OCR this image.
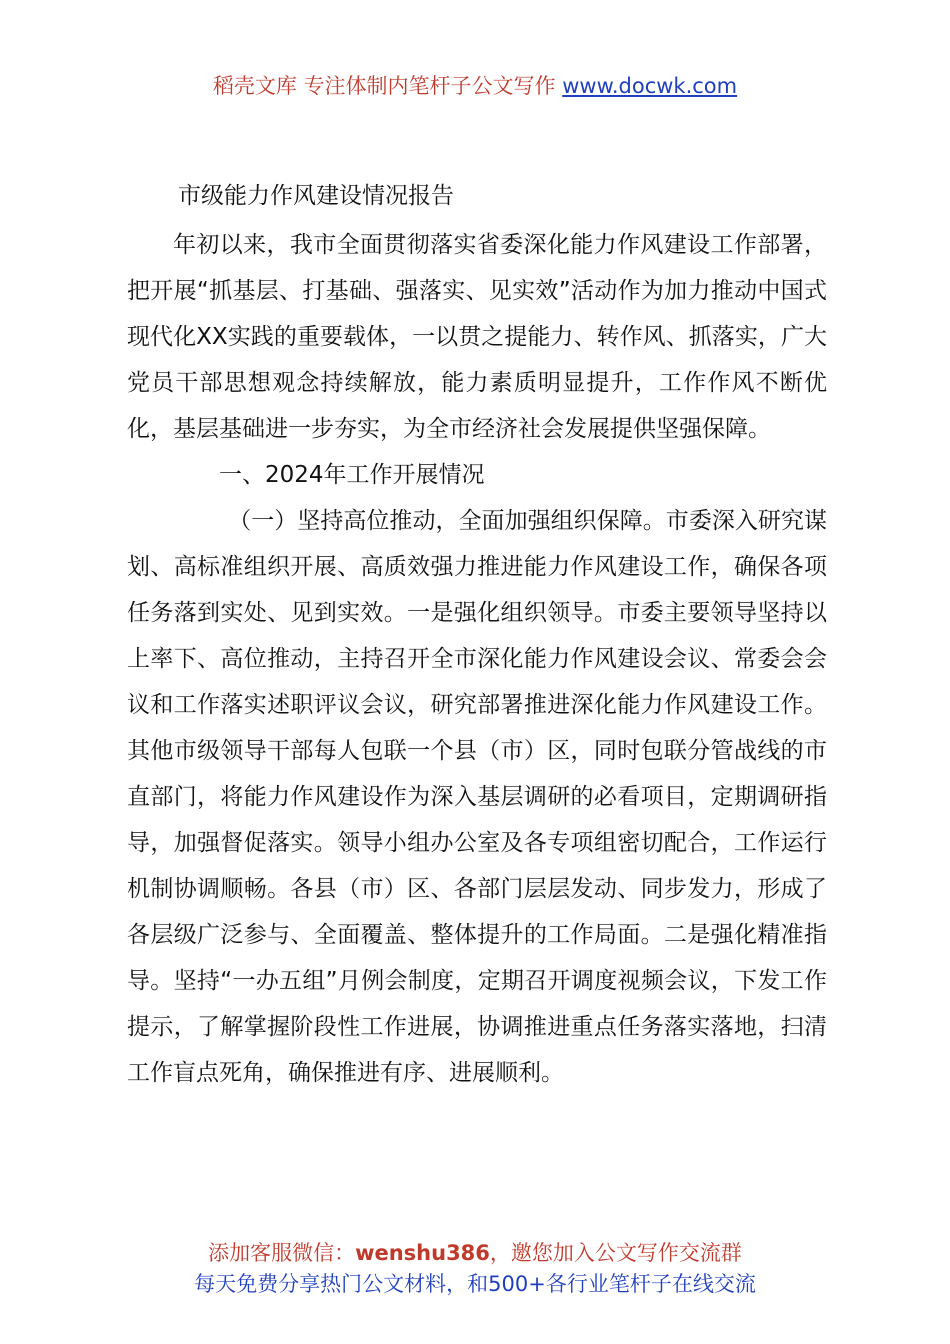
稻壳文库 专注体制内笔杆子公文写作 www.docwk.com
市级能力作风建设情况报告

年初以来，我市全面贯彻落实省委深化能力作风建设工作部署，把开展“抓基层、打基础、强落实、见实效”活动作为加力推动中国式现代化XX实践的重要载体，一以贯之提能力、转作风、抓落实，广大党员干部思想观念持续解放，能力素质明显提升，工作作风不断优化，基层基础进一步夯实，为全市经济社会发展提供坚强保障。

一、2024年工作开展情况

（一）坚持高位推动，全面加强组织保障。市委深入研究谋划、高标准组织开展、高质效强力推进能力作风建设工作，确保各项任务落到实处、见到实效。一是强化组织领导。市委主要领导坚持以上率下、高位推动，主持召开全市深化能力作风建设会议、常委会会议和工作落实述职评议会议，研究部署推进深化能力作风建设工作。其他市级领导干部每人包联一个县（市）区，同时包联分管战线的市直部门，将能力作风建设作为深入基层调研的必看项目，定期调研指导，加强督促落实。领导小组办公室及各专项组密切配合，工作运行机制协调顺畅。各县（市）区、各部门层层发动、同步发力，形成了各层级广泛参与、全面覆盖、整体提升的工作局面。二是强化精准指导。坚持“一办五组”月例会制度，定期召开调度视频会议，下发工作提示，了解掌握阶段性工作进展，协调推进重点任务落实落地，扫清工作盲点死角，确保推进有序、进展顺利。

添加客服微信：wenshu386，邀您加入公文写作交流群
每天免费分享热门公文材料，和500+各行业笔杆子在线交流
